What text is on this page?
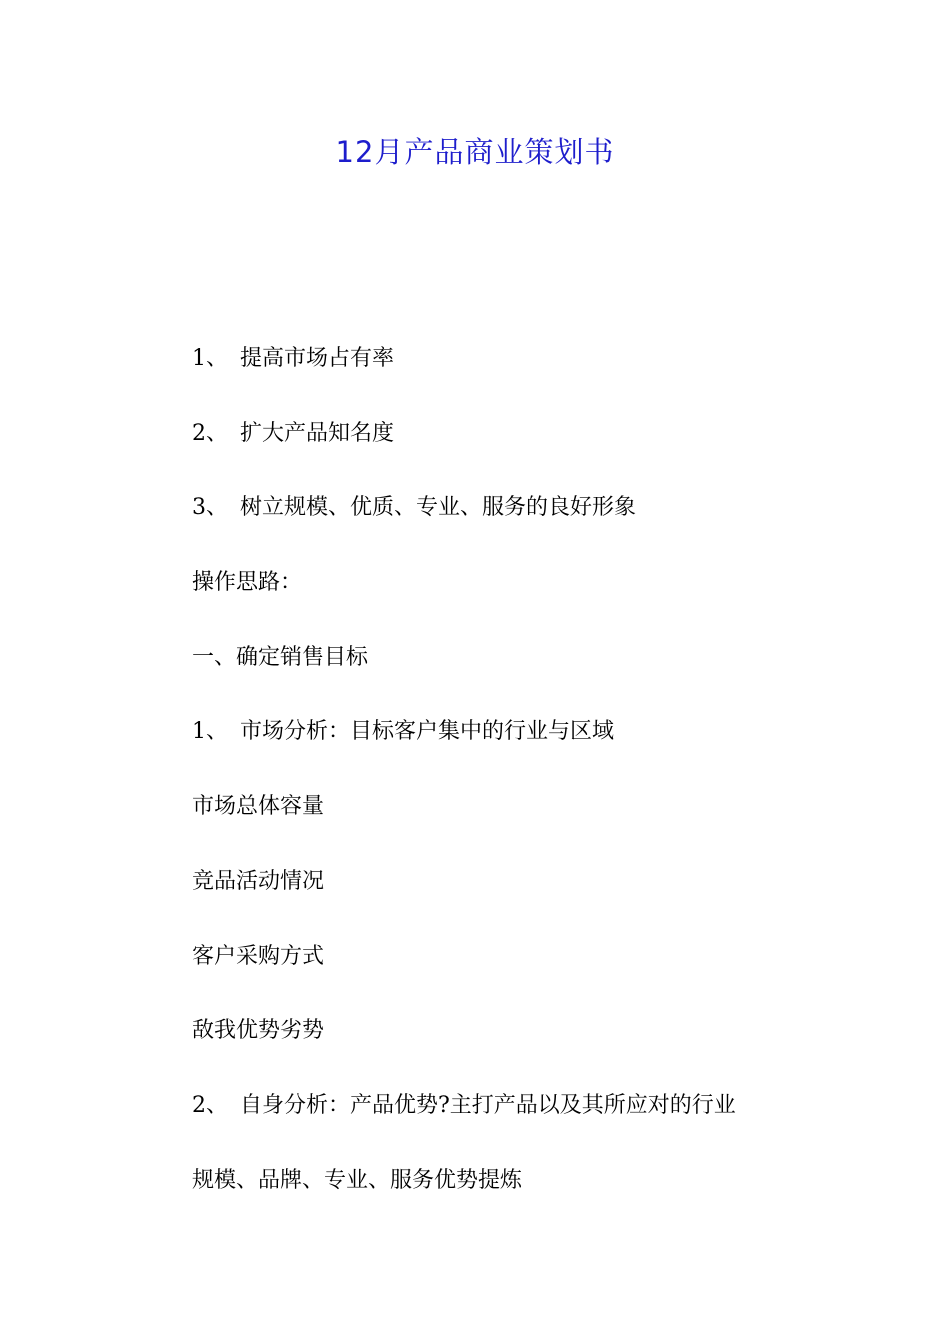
12月产品商业策划书
1、 提高市场占有率
2、 扩大产品知名度
3、 树立规模、优质、专业、服务的良好形象
操作思路：
一、确定销售目标
1、 市场分析：目标客户集中的行业与区域
市场总体容量
竞品活动情况
客户采购方式
敌我优势劣势
2、 自身分析：产品优势?主打产品以及其所应对的行业
规模、品牌、专业、服务优势提炼
